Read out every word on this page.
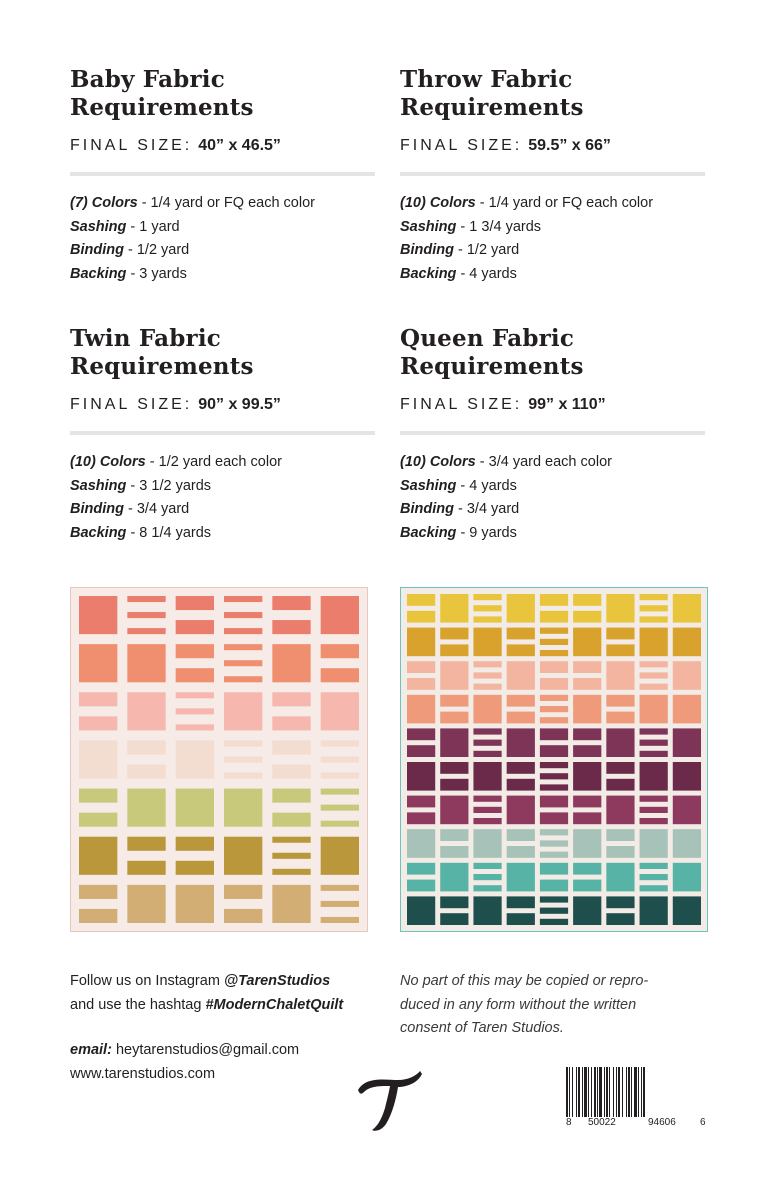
Baby Fabric
Requirements
FINAL SIZE: 40” x 46.5”
(7) Colors - 1/4 yard or FQ each color
Sashing - 1 yard
Binding - 1/2 yard
Backing - 3 yards
Throw Fabric
Requirements
FINAL SIZE: 59.5” x 66”
(10) Colors - 1/4 yard or FQ each color
Sashing - 1 3/4 yards
Binding - 1/2 yard
Backing - 4 yards
Twin Fabric
Requirements
FINAL SIZE: 90” x 99.5”
(10) Colors - 1/2 yard each color
Sashing - 3 1/2 yards
Binding - 3/4 yard
Backing - 8 1/4 yards
Queen Fabric
Requirements
FINAL SIZE: 99” x 110”
(10) Colors - 3/4 yard each color
Sashing - 4 yards
Binding - 3/4 yard
Backing - 9 yards
Follow us on Instagram @TarenStudios
and use the hashtag #ModernChaletQuilt
email: heytarenstudios@gmail.com
www.tarenstudios.com
No part of this may be copied or repro-
duced in any form without the written
consent of Taren Studios.
8 50022	94606 6
